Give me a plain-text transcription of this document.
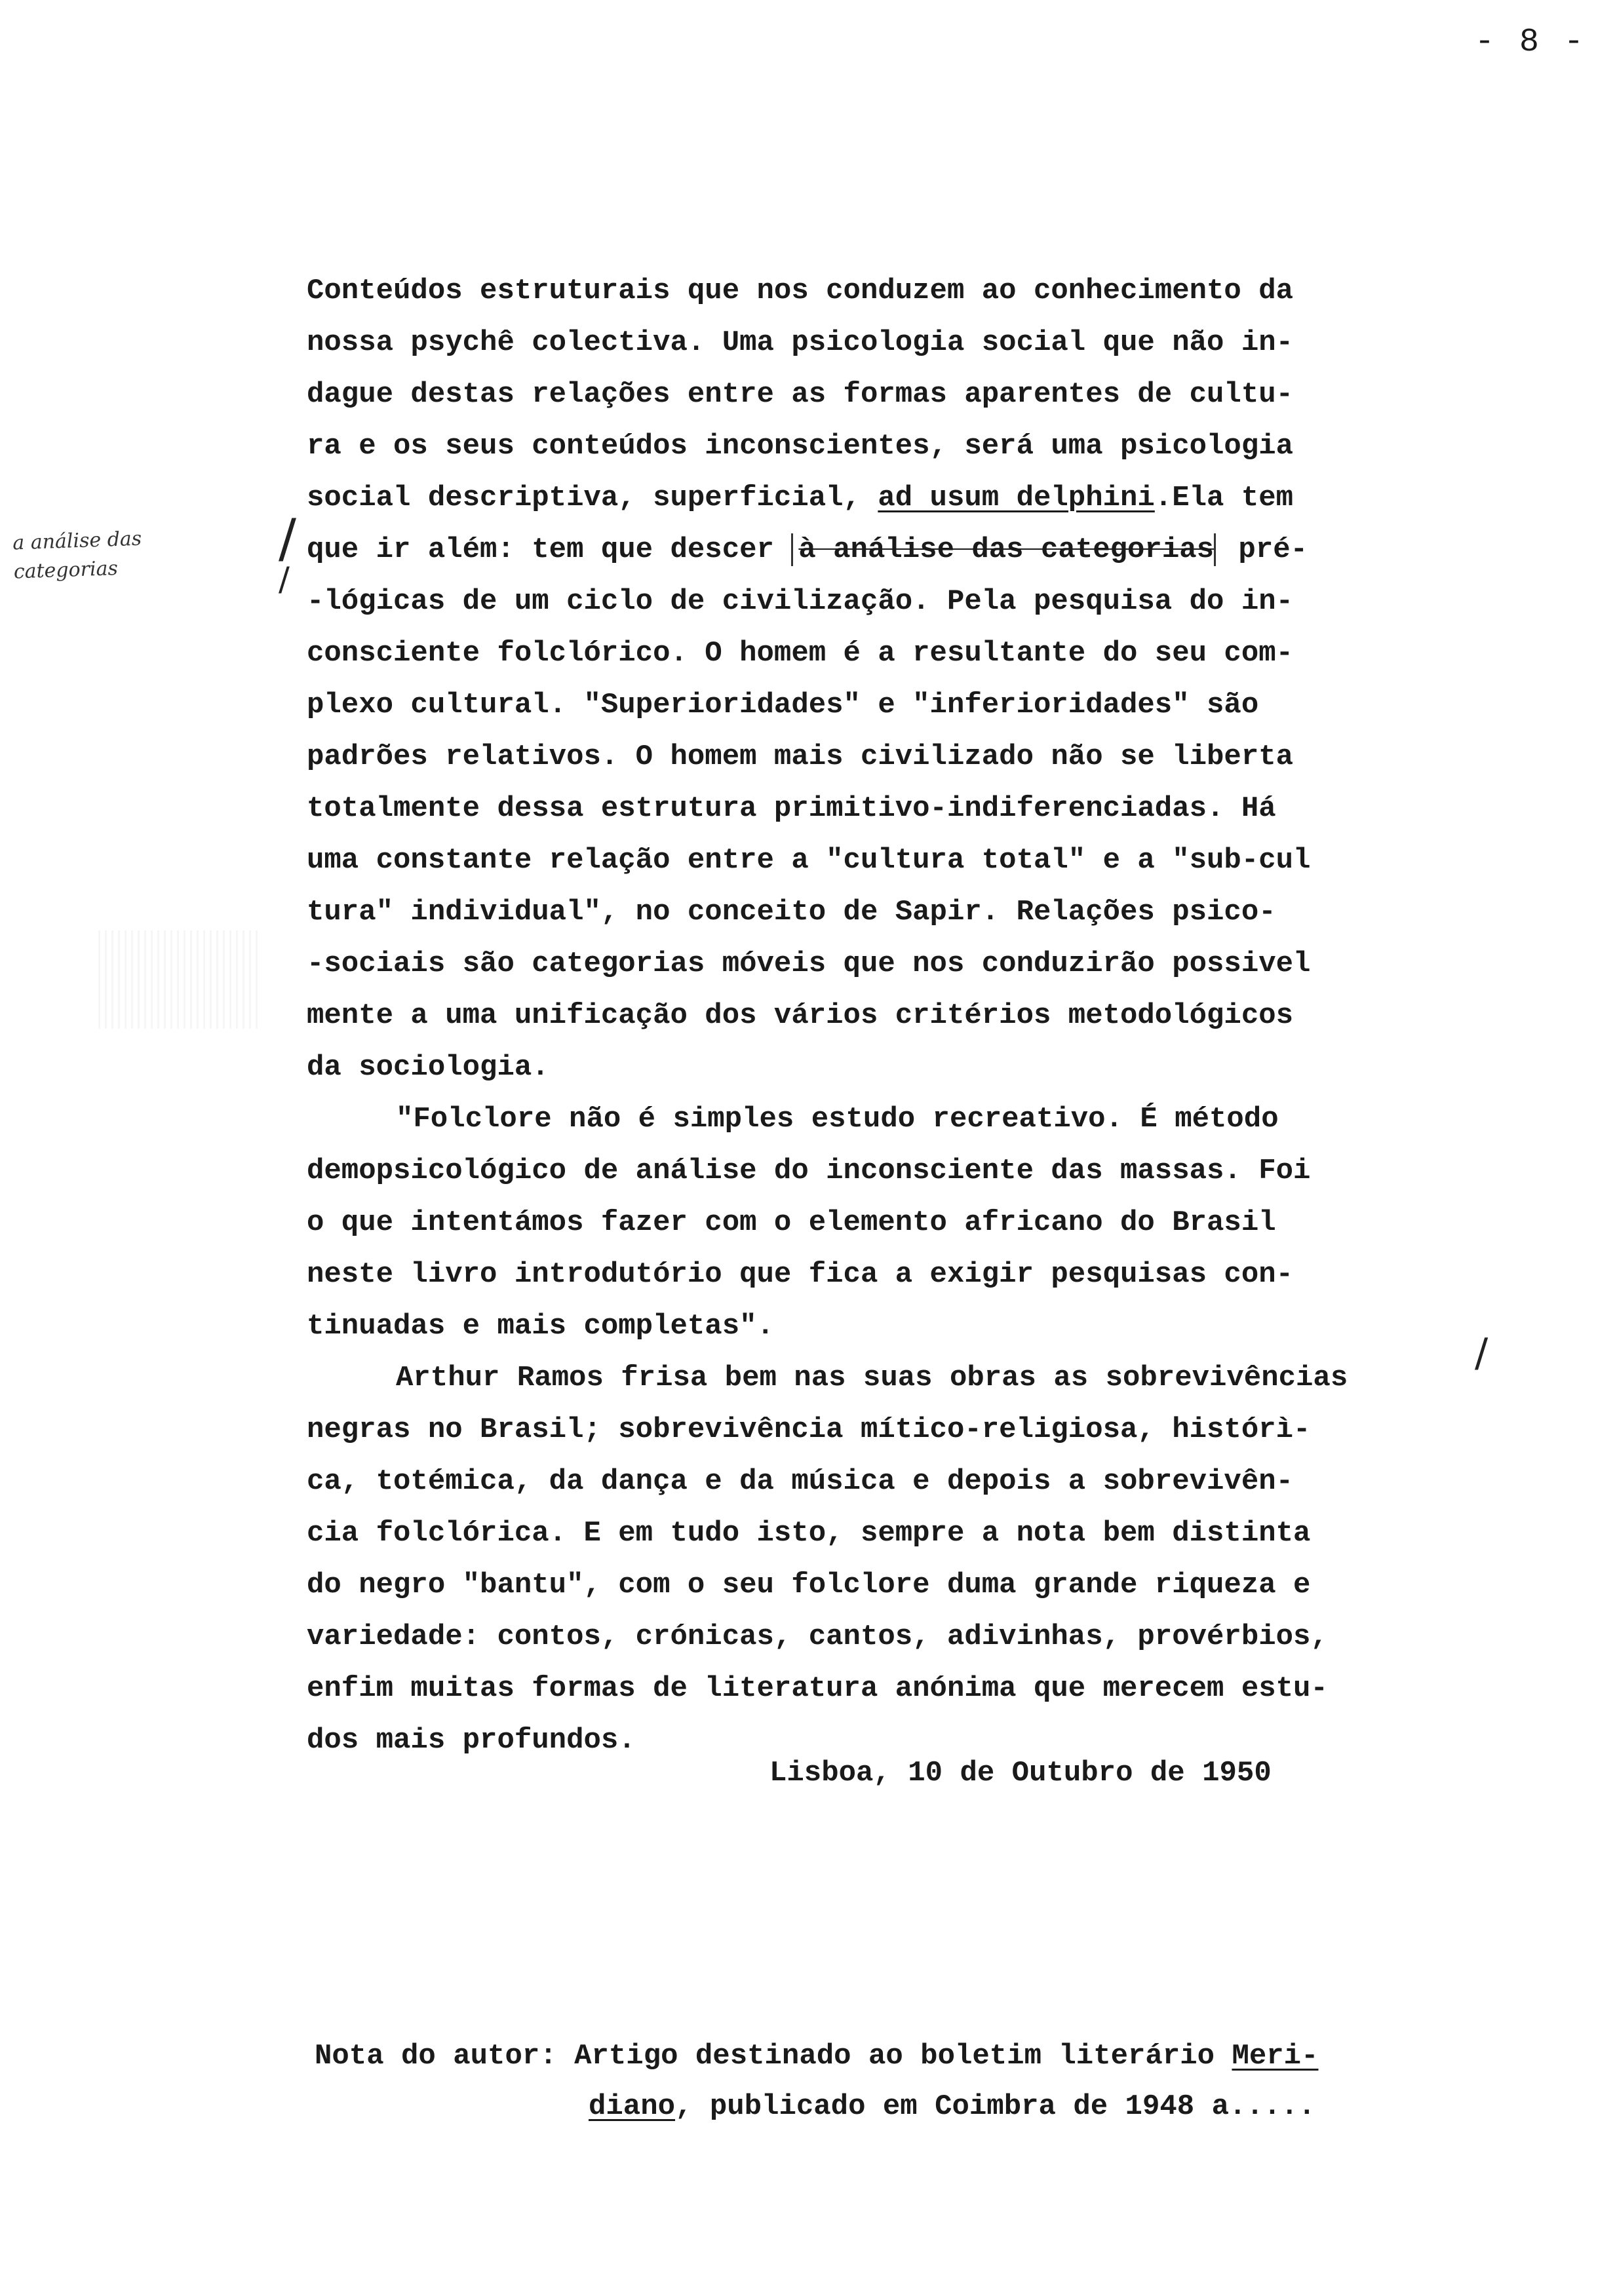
- 8 -
a análise das
categorias
/
/
/
Conteúdos estruturais que nos conduzem ao conhecimento da
nossa psychê colectiva. Uma psicologia social que não in-
dague destas relações entre as formas aparentes de cultu-
ra e os seus conteúdos inconscientes, será uma psicologia
social descriptiva, superficial, ad usum delphini.Ela tem
que ir além: tem que descer à análise das categorias pré-
-lógicas de um ciclo de civilização. Pela pesquisa do in-
consciente folclórico. O homem é a resultante do seu com-
plexo cultural. "Superioridades" e "inferioridades" são
padrões relativos. O homem mais civilizado não se liberta
totalmente dessa estrutura primitivo-indiferenciadas. Há
uma constante relação entre a "cultura total" e a "sub-cul
tura" individual", no conceito de Sapir. Relações psico-
-sociais são categorias móveis que nos conduzirão possivel
mente a uma unificação dos vários critérios metodológicos
da sociologia.
"Folclore não é simples estudo recreativo. É método
demopsicológico de análise do inconsciente das massas. Foi
o que intentámos fazer com o elemento africano do Brasil
neste livro introdutório que fica a exigir pesquisas con-
tinuadas e mais completas".
Arthur Ramos frisa bem nas suas obras as sobrevivências
negras no Brasil; sobrevivência mítico-religiosa, histórì-
ca, totémica, da dança e da música e depois a sobrevivên-
cia folclórica. E em tudo isto, sempre a nota bem distinta
do negro "bantu", com o seu folclore duma grande riqueza e
variedade: contos, crónicas, cantos, adivinhas, provérbios,
enfim muitas formas de literatura anónima que merecem estu-
dos mais profundos.
Lisboa, 10 de Outubro de 1950
Nota do autor: Artigo destinado ao boletim literário Meri-
diano, publicado em Coimbra de 1948 a.....
